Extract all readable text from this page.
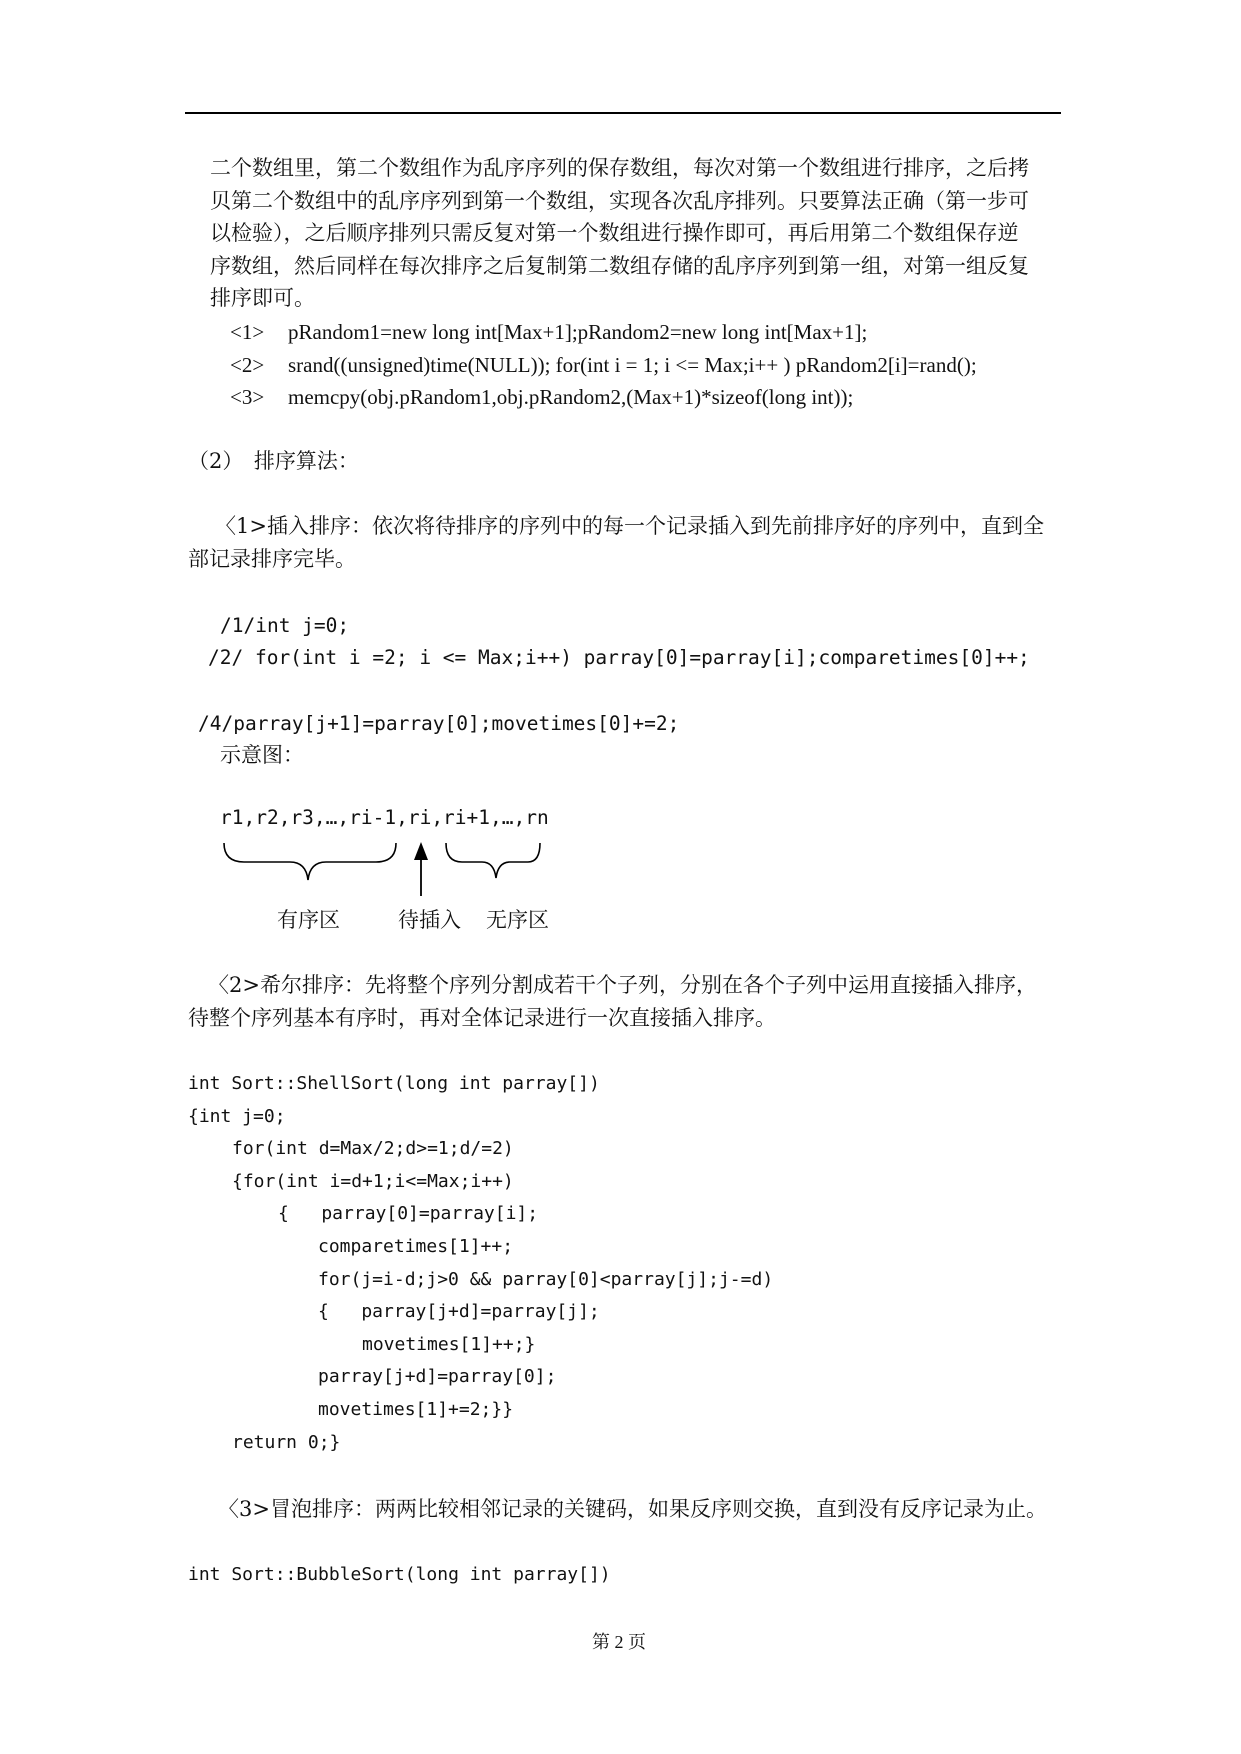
二个数组里，第二个数组作为乱序序列的保存数组，每次对第一个数组进行排序，之后拷
贝第二个数组中的乱序序列到第一个数组，实现各次乱序排列。只要算法正确（第一步可
以检验），之后顺序排列只需反复对第一个数组进行操作即可，再后用第二个数组保存逆
序数组，然后同样在每次排序之后复制第二数组存储的乱序序列到第一组，对第一组反复
排序即可。
<1> pRandom1=new long int[Max+1];pRandom2=new long int[Max+1];
<2> srand((unsigned)time(NULL)); for(int i = 1; i <= Max;i++ ) pRandom2[i]=rand();
<3> memcpy(obj.pRandom1,obj.pRandom2,(Max+1)*sizeof(long int));
（2）　排序算法：
〈1>插入排序：依次将待排序的序列中的每一个记录插入到先前排序好的序列中，直到全
部记录排序完毕。
/1/int j=0;
/2/ for(int i =2; i <= Max;i++) parray[0]=parray[i];comparetimes[0]++;
/4/parray[j+1]=parray[0];movetimes[0]+=2;
示意图：
r1,r2,r3,…,ri-1,ri,ri+1,…,rn
有序区	待插入 无序区
〈2>希尔排序：先将整个序列分割成若干个子列，分别在各个子列中运用直接插入排序，
待整个序列基本有序时，再对全体记录进行一次直接插入排序。
int Sort::ShellSort(long int parray[])
{int j=0;
for(int d=Max/2;d>=1;d/=2)
{for(int i=d+1;i<=Max;i++)
{   parray[0]=parray[i];
comparetimes[1]++;
for(j=i-d;j>0 && parray[0]<parray[j];j-=d)
{   parray[j+d]=parray[j];
movetimes[1]++;}
parray[j+d]=parray[0];
movetimes[1]+=2;}}
return 0;}
〈3>冒泡排序：两两比较相邻记录的关键码，如果反序则交换，直到没有反序记录为止。
int Sort::BubbleSort(long int parray[])
第 2 页
